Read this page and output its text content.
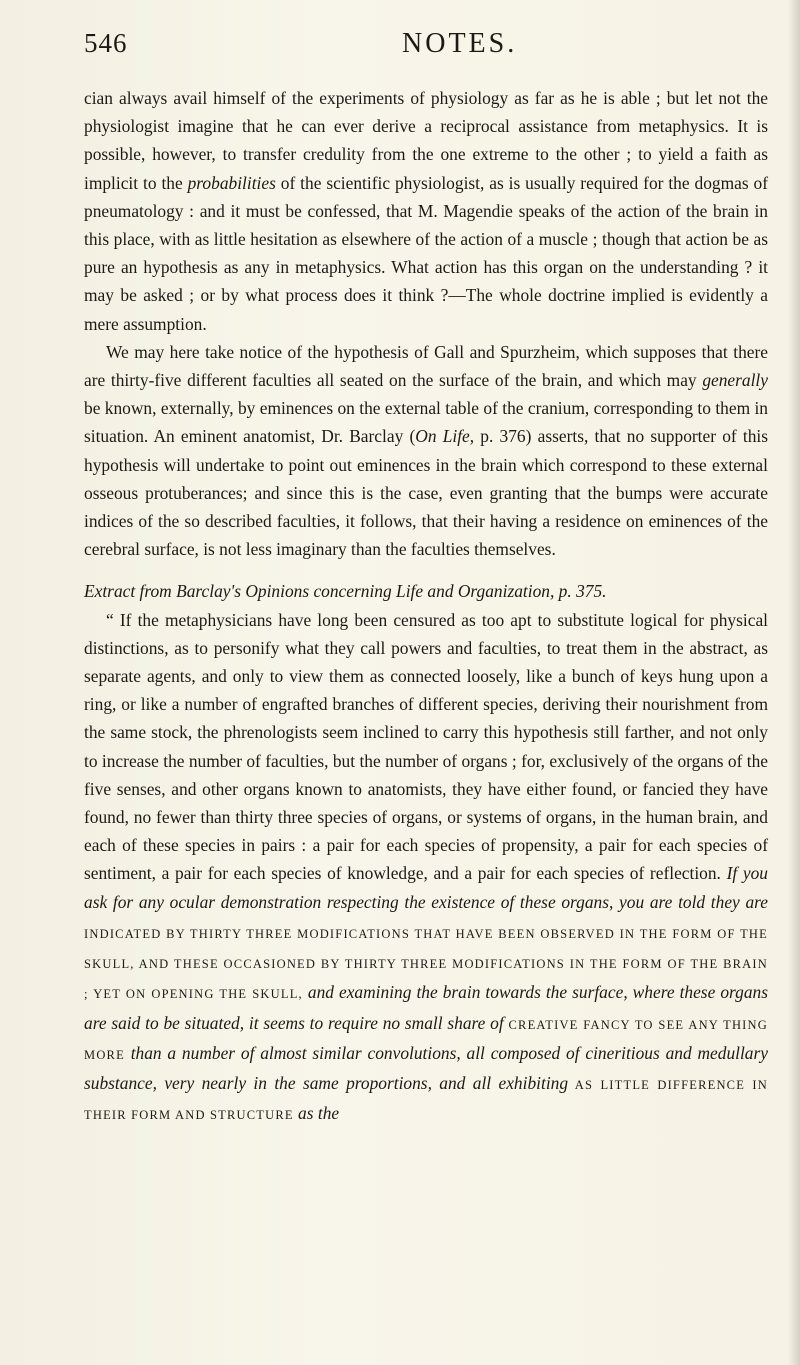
546	NOTES.

cian always avail himself of the experiments of physiology as far as he is able ; but let not the physiologist imagine that he can ever derive a reciprocal assistance from metaphysics. It is possible, however, to transfer credulity from the one extreme to the other ; to yield a faith as implicit to the probabilities of the scientific physiologist, as is usually required for the dogmas of pneumatology : and it must be confessed, that M. Magendie speaks of the action of the brain in this place, with as little hesitation as elsewhere of the action of a muscle ; though that action be as pure an hypothesis as any in metaphysics. What action has this organ on the understanding ? it may be asked ; or by what process does it think ?—The whole doctrine implied is evidently a mere assumption.

We may here take notice of the hypothesis of Gall and Spurzheim, which supposes that there are thirty-five different faculties all seated on the surface of the brain, and which may generally be known, externally, by eminences on the external table of the cranium, corresponding to them in situation. An eminent anatomist, Dr. Barclay (On Life, p. 376) asserts, that no supporter of this hypothesis will undertake to point out eminences in the brain which correspond to these external osseous protuberances; and since this is the case, even granting that the bumps were accurate indices of the so described faculties, it follows, that their having a residence on eminences of the cerebral surface, is not less imaginary than the faculties themselves.

Extract from Barclay's Opinions concerning Life and Organization, p. 375.

“ If the metaphysicians have long been censured as too apt to substitute logical for physical distinctions, as to personify what they call powers and faculties, to treat them in the abstract, as separate agents, and only to view them as connected loosely, like a bunch of keys hung upon a ring, or like a number of engrafted branches of different species, deriving their nourishment from the same stock, the phrenologists seem inclined to carry this hypothesis still farther, and not only to increase the number of faculties, but the number of organs ; for, exclusively of the organs of the five senses, and other organs known to anatomists, they have either found, or fancied they have found, no fewer than thirty three species of organs, or systems of organs, in the human brain, and each of these species in pairs : a pair for each species of propensity, a pair for each species of sentiment, a pair for each species of knowledge, and a pair for each species of reflection. If you ask for any ocular demonstration respecting the existence of these organs, you are told they are INDICATED BY THIRTY THREE MODIFICATIONS THAT HAVE BEEN OBSERVED IN THE FORM OF THE SKULL, AND THESE OCCASIONED BY THIRTY THREE MODIFICATIONS IN THE FORM OF THE BRAIN ; YET ON OPENING THE SKULL, and examining the brain towards the surface, where these organs are said to be situated, it seems to require no small share of CREATIVE FANCY TO SEE ANY THING MORE than a number of almost similar convolutions, all composed of cineritious and medullary substance, very nearly in the same proportions, and all exhibiting AS LITTLE DIFFERENCE IN THEIR FORM AND STRUCTURE as the
